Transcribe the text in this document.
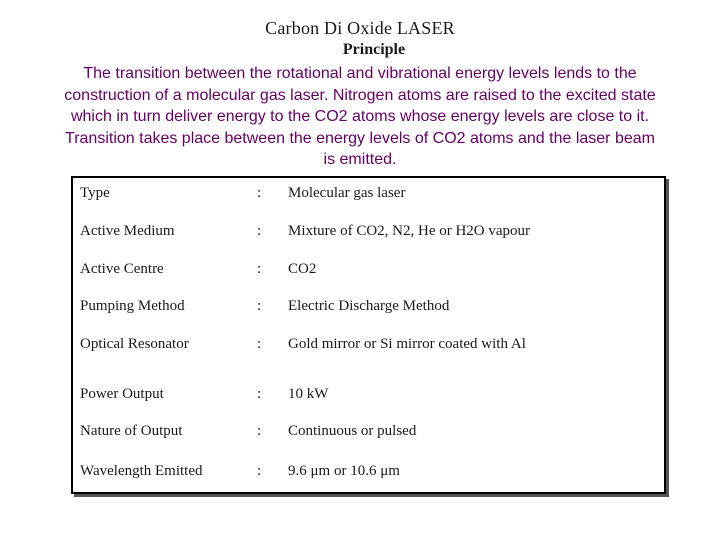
Carbon Di Oxide LASER
Principle
The transition between the rotational and vibrational energy levels lends to the construction of a molecular gas laser. Nitrogen atoms are raised to the excited state which in turn deliver energy to the CO2 atoms whose energy levels are close to it. Transition takes place between the energy levels of CO2 atoms and the laser beam is emitted.
Type	: Molecular gas laser
Active Medium	: Mixture of CO2, N2, He or H2O vapour
Active Centre	: CO2
Pumping Method	: Electric Discharge Method
Optical Resonator	: Gold mirror or Si mirror coated with Al
Power Output	: 10 kW
Nature of Output	: Continuous or pulsed
Wavelength Emitted	: 9.6 μm or 10.6 μm
